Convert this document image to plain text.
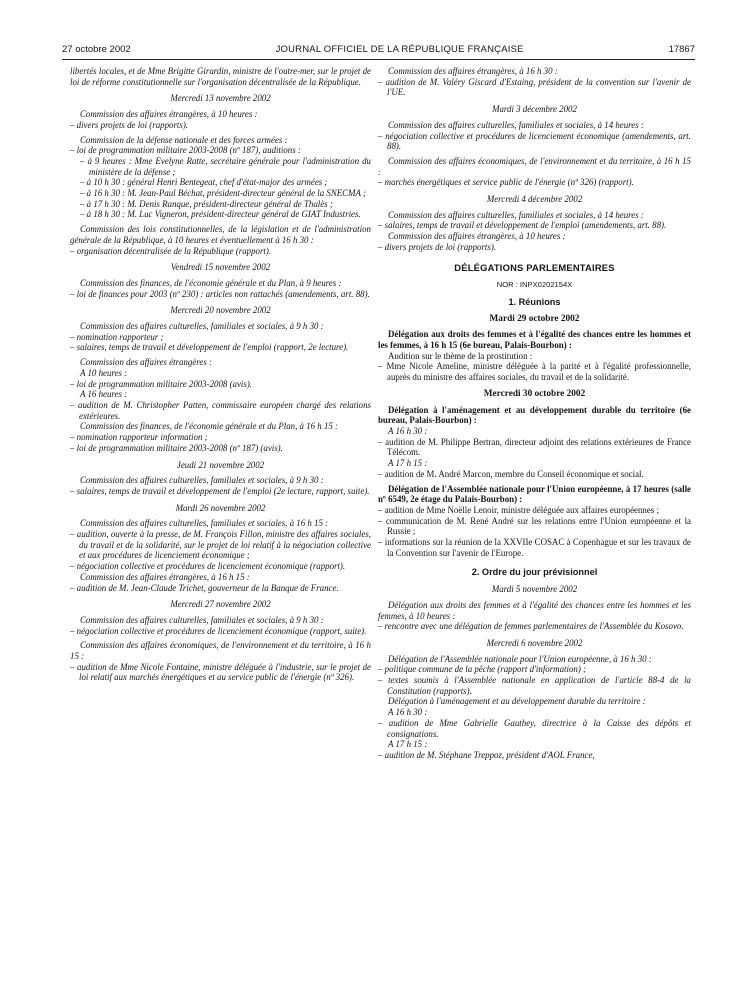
27 octobre 2002	JOURNAL OFFICIEL DE LA RÉPUBLIQUE FRANÇAISE	17867

libertés locales, et de Mme Brigitte Girardin, ministre de l'outre-mer, sur le projet de loi de réforme constitutionnelle sur l'organisation décentralisée de la République.

Mercredi 13 novembre 2002

Commission des affaires étrangères, à 10 heures :

– divers projets de loi (rapports).

Commission de la défense nationale et des forces armées :

– loi de programmation militaire 2003-2008 (nº 187), auditions :

– à 9 heures : Mme Evelyne Ratte, secrétaire générale pour l'administration du ministère de la défense ;

– à 10 h 30 : général Henri Bentegeat, chef d'état-major des armées ;

– à 16 h 30 : M. Jean-Paul Béchat, président-directeur général de la SNECMA ;

– à 17 h 30 : M. Denis Ranque, président-directeur général de Thalès ;

– à 18 h 30 : M. Luc Vigneron, président-directeur général de GIAT Industries.

Commission des lois constitutionnelles, de la législation et de l'administration générale de la République, à 10 heures et éventuellement à 16 h 30 :

– organisation décentralisée de la République (rapport).

Vendredi 15 novembre 2002

Commission des finances, de l'économie générale et du Plan, à 9 heures :

– loi de finances pour 2003 (nº 230) : articles non rattachés (amendements, art. 88).

Mercredi 20 novembre 2002

Commission des affaires culturelles, familiales et sociales, à 9 h 30 :

– nomination rapporteur ;

– salaires, temps de travail et développement de l'emploi (rapport, 2e lecture).

Commission des affaires étrangères :

A 10 heures :

– loi de programmation militaire 2003-2008 (avis).

A 16 heures :

– audition de M. Christopher Patten, commissaire européen chargé des relations extérieures.

Commission des finances, de l'économie générale et du Plan, à 16 h 15 :

– nomination rapporteur information ;

– loi de programmation militaire 2003-2008 (nº 187) (avis).

Jeudi 21 novembre 2002

Commission des affaires culturelles, familiales et sociales, à 9 h 30 :

– salaires, temps de travail et développement de l'emploi (2e lecture, rapport, suite).

Mardi 26 novembre 2002

Commission des affaires culturelles, familiales et sociales, à 16 h 15 :

– audition, ouverte à la presse, de M. François Fillon, ministre des affaires sociales, du travail et de la solidarité, sur le projet de loi relatif à la négociation collective et aux procédures de licenciement économique ;

– négociation collective et procédures de licenciement économique (rapport).

Commission des affaires étrangères, à 16 h 15 :

– audition de M. Jean-Claude Trichet, gouverneur de la Banque de France.

Mercredi 27 novembre 2002

Commission des affaires culturelles, familiales et sociales, à 9 h 30 :

– négociation collective et procédures de licenciement économique (rapport, suite).

Commission des affaires économiques, de l'environnement et du territoire, à 16 h 15 :

– audition de Mme Nicole Fontaine, ministre déléguée à l'industrie, sur le projet de loi relatif aux marchés énergétiques et au service public de l'énergie (nº 326).

Commission des affaires étrangères, à 16 h 30 :

– audition de M. Valéry Giscard d'Estaing, président de la convention sur l'avenir de l'UE.

Mardi 3 décembre 2002

Commission des affaires culturelles, familiales et sociales, à 14 heures :

– négociation collective et procédures de licenciement économique (amendements, art. 88).

Commission des affaires économiques, de l'environnement et du territoire, à 16 h 15 :

– marchés énergétiques et service public de l'énergie (nº 326) (rapport).

Mercredi 4 décembre 2002

Commission des affaires culturelles, familiales et sociales, à 14 heures :

– salaires, temps de travail et développement de l'emploi (amendements, art. 88).

Commission des affaires étrangères, à 10 heures :

– divers projets de loi (rapports).

DÉLÉGATIONS PARLEMENTAIRES

NOR : INPX0202154X

1. Réunions

Mardi 29 octobre 2002

Délégation aux droits des femmes et à l'égalité des chances entre les hommes et les femmes, à 16 h 15 (6e bureau, Palais-Bourbon) :

Audition sur le thème de la prostitution :

– Mme Nicole Ameline, ministre déléguée à la parité et à l'égalité professionnelle, auprès du ministre des affaires sociales, du travail et de la solidarité.

Mercredi 30 octobre 2002

Délégation à l'aménagement et au développement durable du territoire (6e bureau, Palais-Bourbon) :

A 16 h 30 :

– audition de M. Philippe Bertran, directeur adjoint des relations extérieures de France Télécom.

A 17 h 15 :

– audition de M. André Marcon, membre du Conseil économique et social.

Délégation de l'Assemblée nationale pour l'Union européenne, à 17 heures (salle nº 6549, 2e étage du Palais-Bourbon) :

– audition de Mme Noëlle Lenoir, ministre déléguée aux affaires européennes ;

– communication de M. René André sur les relations entre l'Union européenne et la Russie ;

– informations sur la réunion de la XXVIIe COSAC à Copenhague et sur les travaux de la Convention sur l'avenir de l'Europe.

2. Ordre du jour prévisionnel

Mardi 5 novembre 2002

Délégation aux droits des femmes et à l'égalité des chances entre les hommes et les femmes, à 10 heures :

– rencontre avec une délégation de femmes parlementaires de l'Assemblée du Kosovo.

Mercredi 6 novembre 2002

Délégation de l'Assemblée nationale pour l'Union européenne, à 16 h 30 :

– politique commune de la pêche (rapport d'information) ;

– textes soumis à l'Assemblée nationale en application de l'article 88-4 de la Constitution (rapports).

Délégation à l'aménagement et au développement durable du territoire :

A 16 h 30 :

– audition de Mme Gabrielle Gauthey, directrice à la Caisse des dépôts et consignations.

A 17 h 15 :

– audition de M. Stéphane Treppoz, président d'AOL France,
